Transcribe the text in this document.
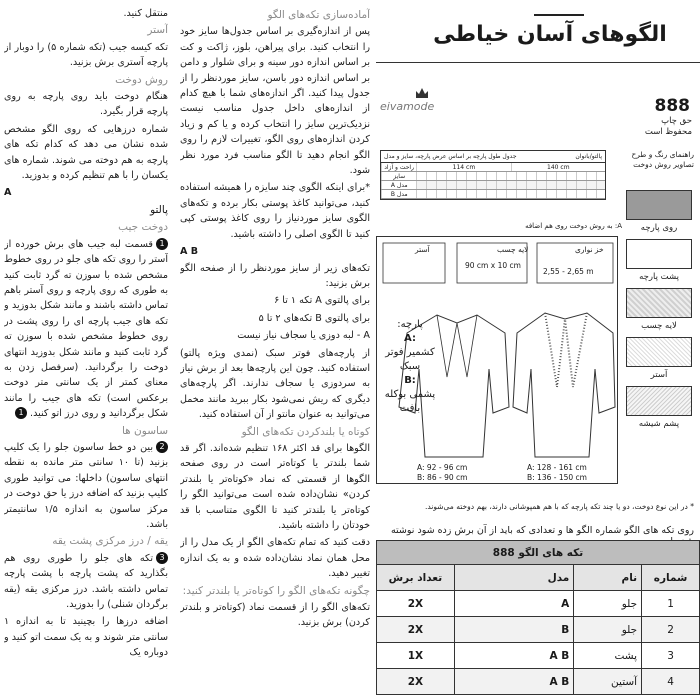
منتقل کنید.

آستر

تکه کیسه جیب (تکه شماره ۵) را دوبار از پارچه آستری برش بزنید.

روش دوخت

هنگام دوخت باید روی پارچه به روی پارچه قرار بگیرد.

شماره درزهایی که روی الگو مشخص شده نشان می دهد که کدام تکه های پارچه به هم دوخته می شوند. شماره های یکسان را با هم تنظیم کرده و بدوزید.

A
پالتو
دوخت جیب

1قسمت لبه جیب های برش خورده از آستر را روی تکه های جلو در روی خطوط مشخص شده با سوزن ته گرد ثابت کنید به طوری که روی پارچه و روی آستر باهم تماس داشته باشند و مانند شکل بدوزید و تکه های جیب پارچه ای را روی پشت در روی خطوط مشخص شده با سوزن ته گرد ثابت کنید و مانند شکل بدوزید انتهای دوخت را برگردانید. (سرفصل زدن به معنای کمتر از یک سانتی متر دوخت برعکس است) تکه های جیب را مانند شکل برگردانید و روی درز اتو کنید. 1

ساسون ها

2بین دو خط ساسون جلو را یک کلیپ بزنید (تا ۱۰ سانتی متر مانده به نقطه انتهای ساسون) داخلها: می توانید طوری کلیپ بزنید که اضافه درز یا حق دوخت در مرکز ساسون به اندازه ۱/۵ سانتیمتر باشد.

یقه / درز مرکزی پشت یقه

3تکه های جلو را طوری روی هم بگذارید که پشت پارچه با پشت پارچه تماس داشته باشد. درز مرکزی یقه (یقه برگردان شنلی) را بدوزید.

اضافه درزها را بچینید تا به اندازه ۱ سانتی متر شوند و به یک سمت اتو کنید و دوباره یک

آماده‌سازی تکه‌های الگو

پس از اندازه‌گیری بر اساس جدول‌ها سایز خود را انتخاب کنید. برای پیراهن، بلوز، ژاکت و کت بر اساس اندازه دور سینه و برای شلوار و دامن بر اساس اندازه دور باسن، سایز موردنظر را از جدول پیدا کنید. اگر اندازه‌های شما با هیچ کدام از اندازه‌های داخل جدول مناسب نیست نزدیک‌ترین سایز را انتخاب کرده و یا کم و زیاد کردن اندازه‌های روی الگو، تغییرات لازم را روی الگو انجام دهید تا الگو مناسب فرد مورد نظر شود.

*برای اینکه الگوی چند سایزه را همیشه استفاده کنید، می‌توانید کاغذ پوستی بکار برده و تکه‌های الگوی سایز موردنیاز را روی کاغذ پوستی کپی کنید تا الگوی اصلی را داشته باشید.

A B

تکه‌های زیر از سایز موردنظر را از صفحه الگو برش بزنید:

برای پالتوی A تکه ۱ تا ۶

برای پالتوی B تکه‌های ۲ تا ۵

A - لبه دوزی یا سجاف نیاز نیست

از پارچه‌های فوتر سبک (نمدی ویژه پالتو) استفاده کنید. چون این پارچه‌ها بعد از برش نیاز به سردوزی یا سجاف ندارند. اگر پارچه‌های دیگری که ریش نمی‌شود بکار ببرید مانند مخمل می‌توانید به عنوان مانتو از آن استفاده کنید.

کوتاه یا بلندکردن تکه‌های الگو

الگوها برای قد اکثر ۱۶۸ تنظیم شده‌اند. اگر قد شما بلندتر یا کوتاه‌تر است در روی صفحه الگوها از قسمتی که نماد «کوتاه‌تر یا بلندتر کردن» نشان‌داده شده است می‌توانید الگو را کوتاه‌تر یا بلندتر کنید تا الگوی متناسب با قد خودتان را داشته باشید.

دقت کنید که تمام تکه‌های الگو از یک مدل را از محل همان نماد نشان‌داده شده و به یک اندازه تغییر دهید.

چگونه تکه‌های الگو را کوتاه‌تر یا بلندتر کنید:

تکه‌های الگو را از قسمت نماد (کوتاه‌تر و بلندتر کردن) برش بزنید.

الگوهای آسان خیاطی
eivamode	888
حق چاپ
محفوظ است
راهنمای رنگ و طرح تصاویر روش دوخت
پالتو/بانوان
جدول طول پارچه بر اساس عرض پارچه، سایز و مدل
راحت و آزاد	114 cm	140 cm
سایز
مدل A
مدل B
A: به روش دوخت روی هم اضافه	روی پارچه
پشت پارچه
لایه چسب
آستر
پشم شیشه
آستر	لایه چسب	خز نواری
90 cm x 10 cm
2,55 - 2,65 m
A: 92 - 96 cm
B: 86 - 90 cm
A: 128 - 161 cm
B: 136 - 150 cm
پارچه:
A:
کشمیر فوتر سبک
B:
پشمی بوکله بافت
* در این نوع دوخت، دو یا چند تکه پارچه که با هم همپوشانی دارند، بهم دوخته می‌شوند.
روی تکه های الگو شماره الگو ها و تعدادی که باید از آن برش زده شود نوشته
تکه های الگو 888			
شماره	نام	مدل	تعداد برش
1	جلو	A	2X
2	جلو	B	2X
3	پشت	A B	1X
4	آستین	A B	2X
